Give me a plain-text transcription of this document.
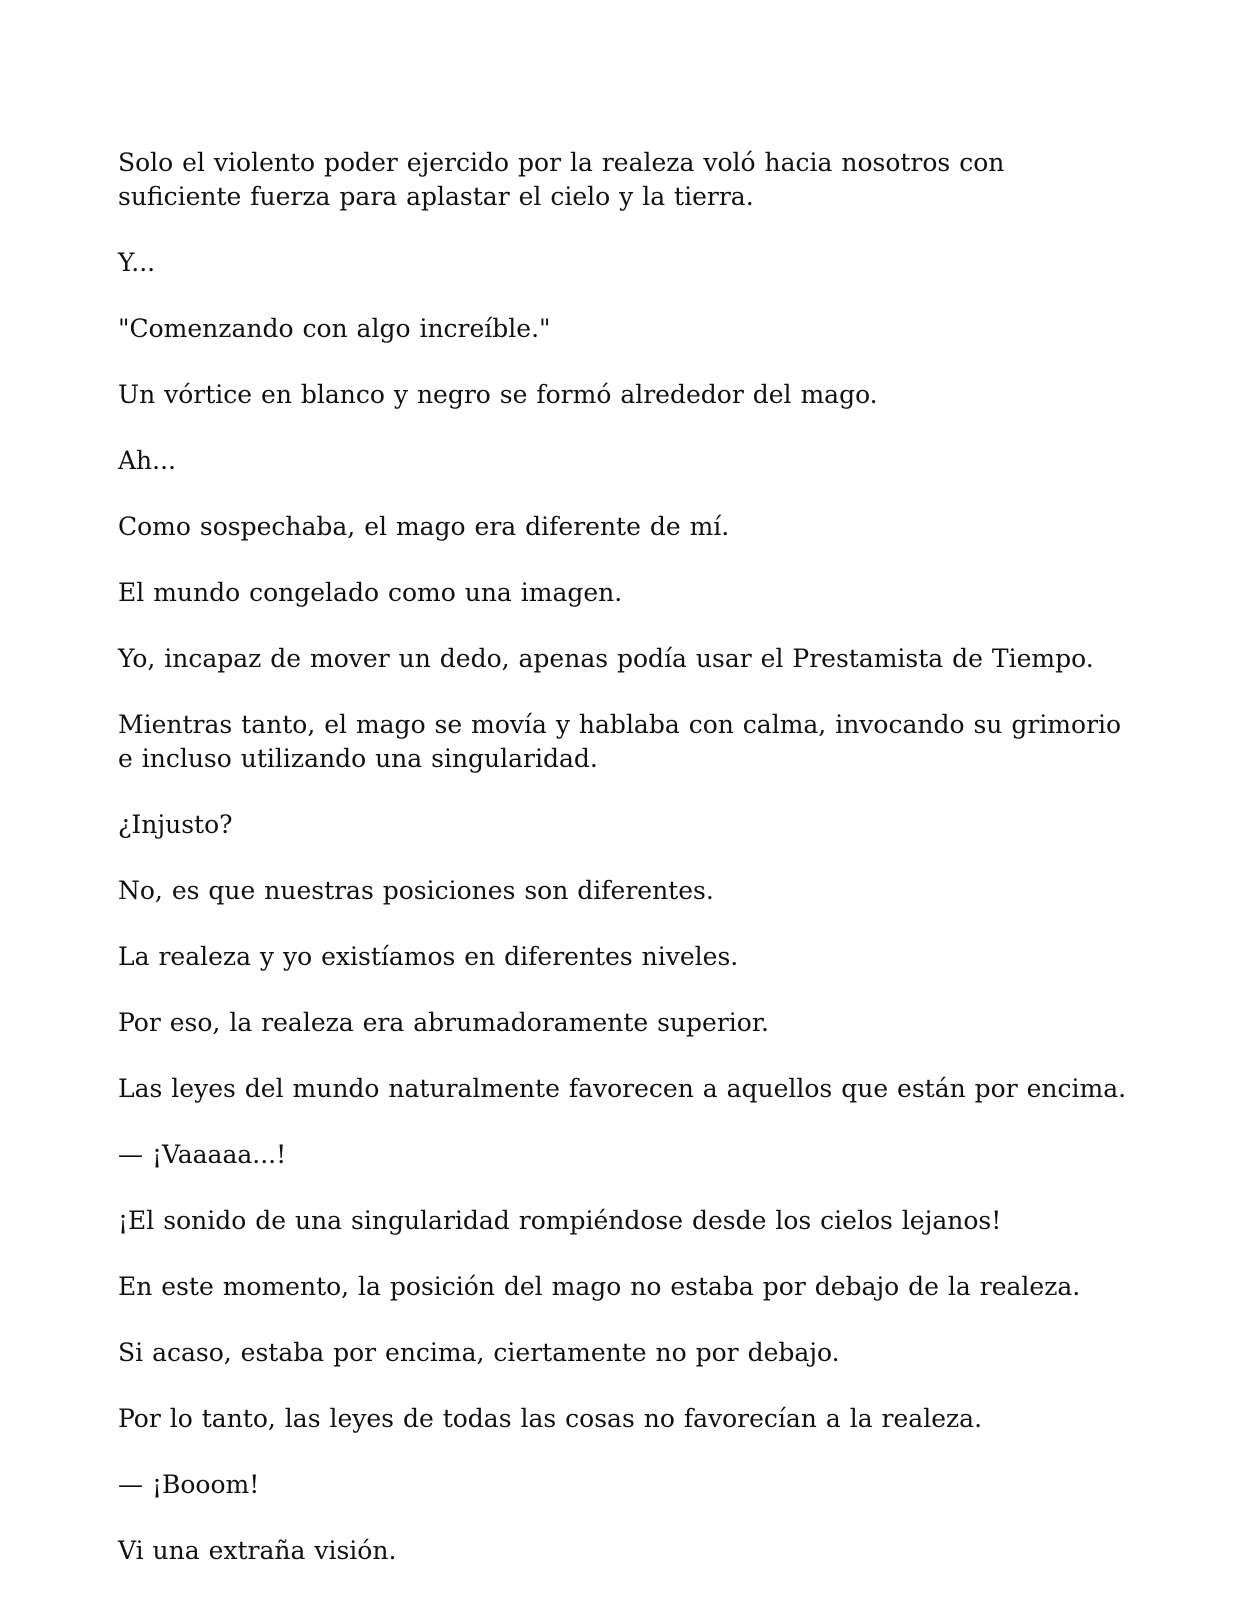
Solo el violento poder ejercido por la realeza voló hacia nosotros con suficiente fuerza para aplastar el cielo y la tierra.

Y...

"Comenzando con algo increíble."

Un vórtice en blanco y negro se formó alrededor del mago.

Ah...

Como sospechaba, el mago era diferente de mí.

El mundo congelado como una imagen.

Yo, incapaz de mover un dedo, apenas podía usar el Prestamista de Tiempo.

Mientras tanto, el mago se movía y hablaba con calma, invocando su grimorio e incluso utilizando una singularidad.

¿Injusto?

No, es que nuestras posiciones son diferentes.

La realeza y yo existíamos en diferentes niveles.

Por eso, la realeza era abrumadoramente superior.

Las leyes del mundo naturalmente favorecen a aquellos que están por encima.

— ¡Vaaaaa...!

¡El sonido de una singularidad rompiéndose desde los cielos lejanos!

En este momento, la posición del mago no estaba por debajo de la realeza.

Si acaso, estaba por encima, ciertamente no por debajo.

Por lo tanto, las leyes de todas las cosas no favorecían a la realeza.

— ¡Booom!

Vi una extraña visión.
